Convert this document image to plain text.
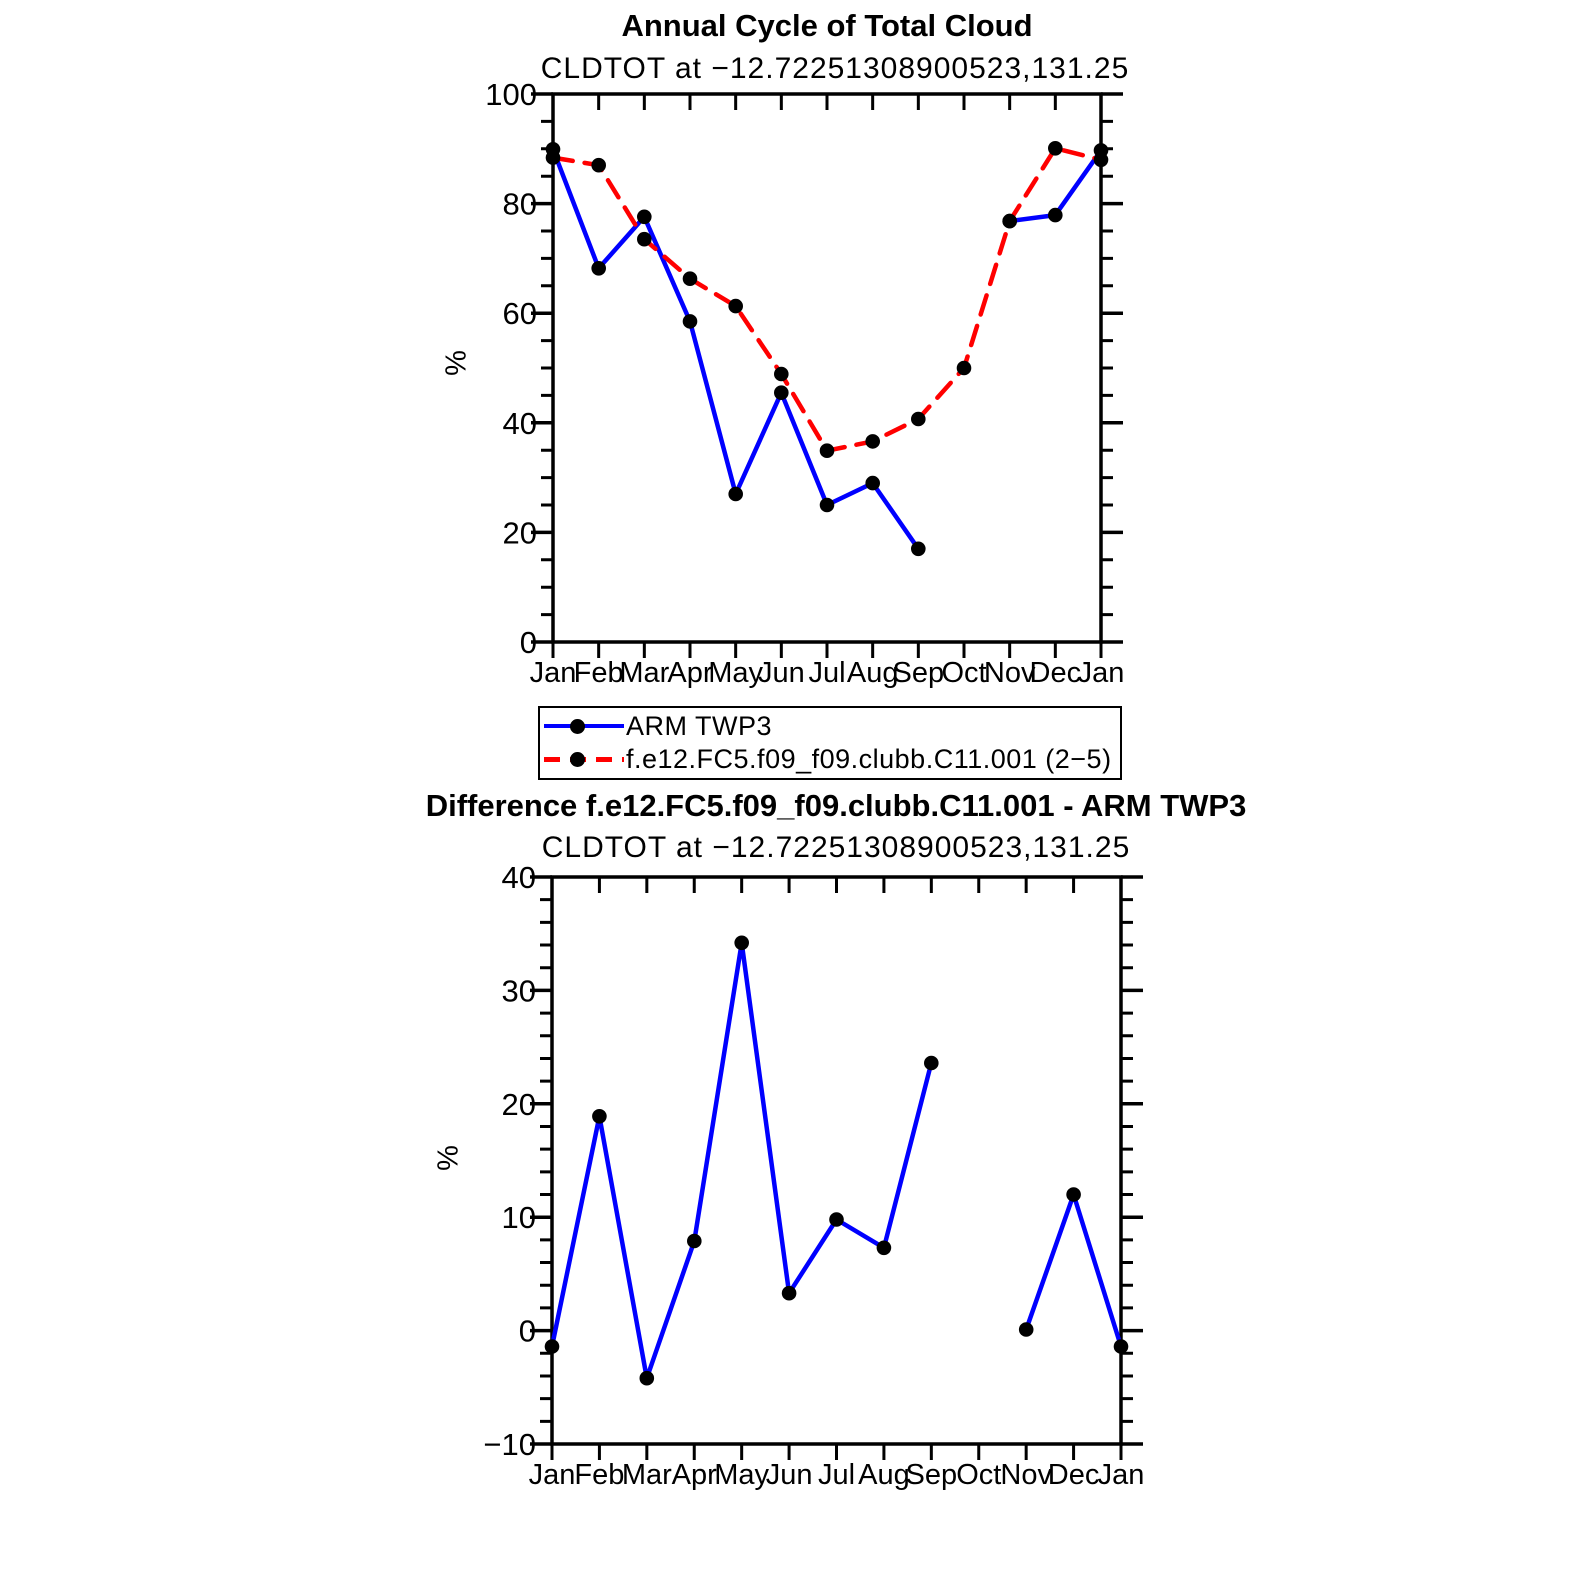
Annual Cycle of Total Cloud
CLDTOT at −12.72251308900523,131.25
%
0
20
40
60
80
100
Jan
Feb
Mar
Apr
May
Jun Jul Aug
Sep
Oct
Nov
Dec
Jan
ARM TWP3
f.e12.FC5.f09_f09.clubb.C11.001 (2−5)
Difference f.e12.FC5.f09_f09.clubb.C11.001 - ARM TWP3
CLDTOT at −12.72251308900523,131.25
%
−10
0
10
20
30
40
Jan Feb
Mar Apr
May
Jun Jul Aug
Sep Oct Nov
Dec
Jan
